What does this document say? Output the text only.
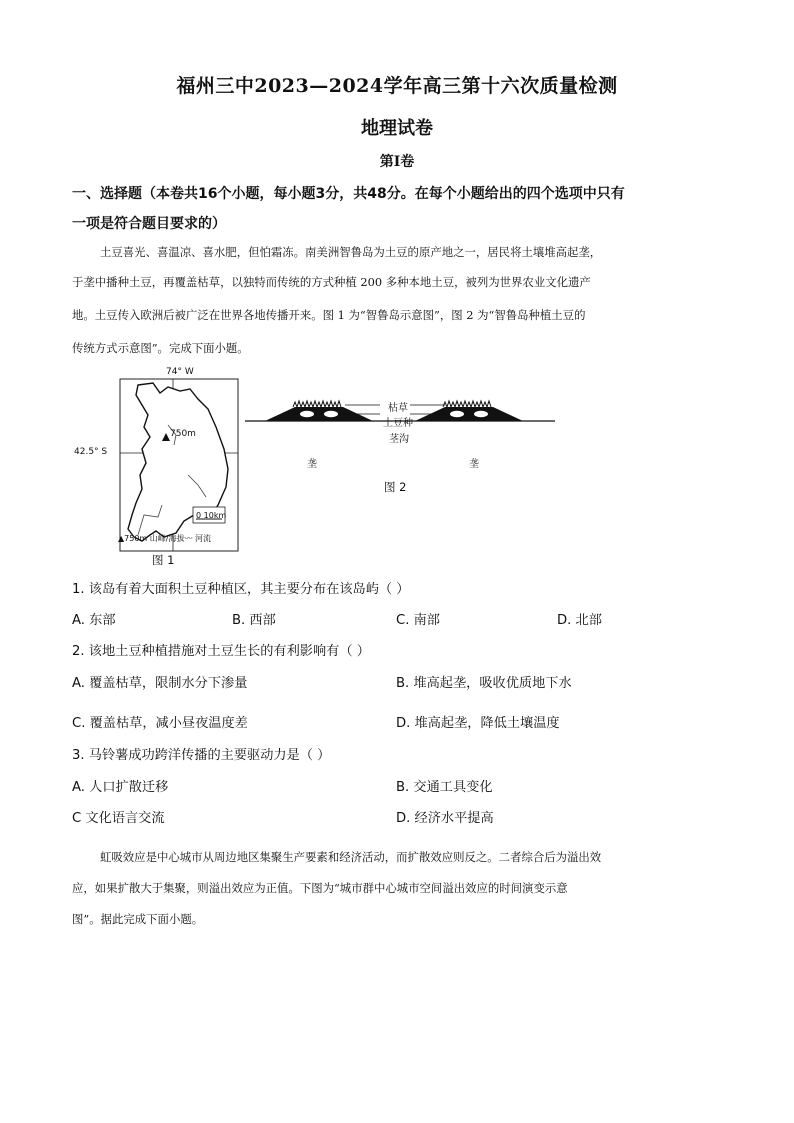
福州三中2023—2024学年高三第十六次质量检测
地理试卷
第Ⅰ卷
一、选择题（本卷共16个小题，每小题3分，共48分。在每个小题给出的四个选项中只有
一项是符合题目要求的）
土豆喜光、喜温凉、喜水肥，但怕霜冻。南美洲智鲁岛为土豆的原产地之一，居民将土壤堆高起垄，
于垄中播种土豆，再覆盖枯草，以独特而传统的方式种植 200 多种本地土豆，被列为世界农业文化遗产
地。土豆传入欧洲后被广泛在世界各地传播开来。图 1 为“智鲁岛示意图”，图 2 为“智鲁岛种植土豆的
传统方式示意图”。完成下面小题。
74° W
750m
0 10km
▲750m 山峰/海拔〰 河流
42.5° S
图 1
枯草
土豆种
茎沟
垄	垄
图 2
1. 该岛有着大面积土豆种植区，其主要分布在该岛屿（ ）
A. 东部	B. 西部	C. 南部	D. 北部
2. 该地土豆种植措施对土豆生长的有利影响有（ ）
A. 覆盖枯草，限制水分下渗量	B. 堆高起垄，吸收优质地下水
C. 覆盖枯草，减小昼夜温度差	D. 堆高起垄，降低土壤温度
3. 马铃薯成功跨洋传播的主要驱动力是（ ）
A. 人口扩散迁移	B. 交通工具变化
C 文化语言交流	D. 经济水平提高
虹吸效应是中心城市从周边地区集聚生产要素和经济活动，而扩散效应则反之。二者综合后为溢出效
应，如果扩散大于集聚，则溢出效应为正值。下图为“城市群中心城市空间溢出效应的时间演变示意
图”。据此完成下面小题。
